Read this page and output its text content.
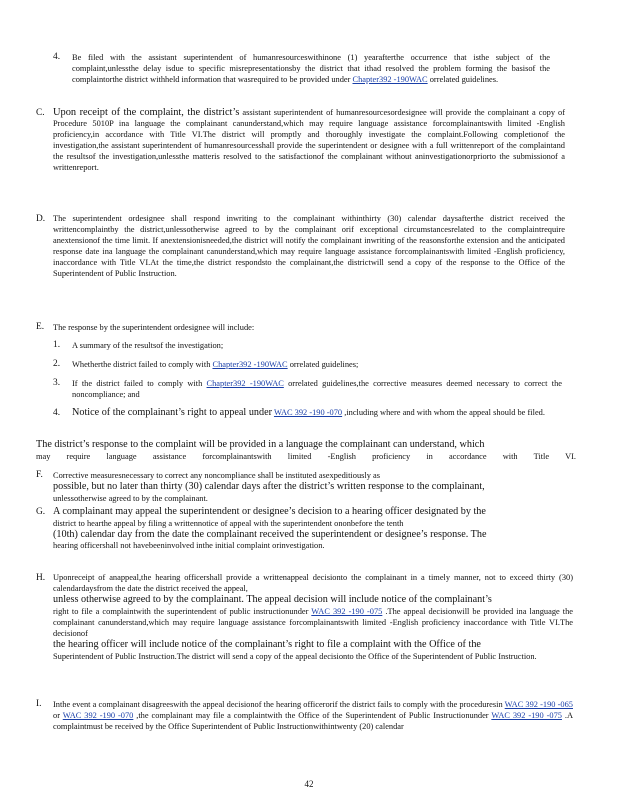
4. Be filed with the assistant superintendent of humanresourceswithinone (1) yearafterthe occurrence that isthe subject of the complaint,unlessthe delay isdue to specific misrepresentationsby the district that ithad resolved the problem forming the basisof the complaintorthe district withheld information that wasrequired to be provided under Chapter392 -190WAC orrelated guidelines.
C. Upon receipt of the complaint, the district’s assistant superintendent of humanresourcesordesignee will provide the complainant a copy of Procedure 5010P ina language the complainant canunderstand,which may require language assistance forcomplainantswith limited -English proficiency,in accordance with Title VI.The district will promptly and thoroughly investigate the complaint.Following completionof the investigation,the assistant superintendent of humanresourcesshall provide the superintendent or designee with a full writtenreport of the complaintand the resultsof the investigation,unlessthe matteris resolved to the satisfactionof the complainant without aninvestigationorpriorto the submissionof a writtenreport.
D. The superintendent ordesignee shall respond inwriting to the complainant withinthirty (30) calendar daysafterthe district received the writtencomplaintby the district,unlessotherwise agreed to by the complainant orif exceptional circumstancesrelated to the complaintrequire anextensionof the time limit. If anextensionisneeded,the district will notify the complainant inwriting of the reasonsforthe extension and the anticipated response date ina language the complainant canunderstand,which may require language assistance forcomplainantswith limited -English proficiency, inaccordance with Title VI.At the time,the district respondsto the complainant,the districtwill send a copy of the response to the Office of the Superintendent of Public Instruction.
E. The response by the superintendent ordesignee will include:
1. A summary of the resultsof the investigation;
2. Whetherthe district failed to comply with Chapter392 -190WAC orrelated guidelines;
3. If the district failed to comply with Chapter392 -190WAC orrelated guidelines,the corrective measures deemed necessary to correct the noncompliance; and
4. Notice of the complainant’s right to appeal under WAC 392 -190 -070 ,including where and with whom the appeal should be filed.
The district’s response to the complaint will be provided in a language the complainant can understand, which
may require language assistance forcomplainantswith limited -English proficiency in accordance with Title VI.
F. Corrective measuresnecessary to correct any noncompliance shall be instituted asexpeditiously as
possible, but no later than thirty (30) calendar days after the district’s written response to the complainant,
unlessotherwise agreed to by the complainant.
G. A complainant may appeal the superintendent or designee’s decision to a hearing officer designated by the
district to hearthe appeal by filing a writtennotice of appeal with the superintendent ononbefore the tenth
(10th) calendar day from the date the complainant received the superintendent or designee’s response. The
hearing officershall not havebeeninvolved inthe initial complaint orinvestigation.
H. Uponreceipt of anappeal,the hearing officershall provide a writtenappeal decisionto the complainant in a timely manner, not to exceed thirty (30) calendardaysfrom the date the district received the appeal,
unless otherwise agreed to by the complainant. The appeal decision will include notice of the complainant’s
right to file a complaintwith the superintendent of public instructionunder WAC 392 -190 -075 .The appeal decisionwill be provided ina language the complainant canunderstand,which may require language assistance forcomplainantswith limited -English proficiency inaccordance with Title VI.The decisionof
the hearing officer will include notice of the complainant’s right to file a complaint with the Office of the
Superintendent of Public Instruction.The district will send a copy of the appeal decisionto the Office of the Superintendent of Public Instruction.
I. Inthe event a complainant disagreeswith the appeal decisionof the hearing officerorif the district fails to comply with the proceduresin WAC 392 -190 -065 or WAC 392 -190 -070 ,the complainant may file a complaintwith the Office of the Superintendent of Public Instructionunder WAC 392 -190 -075 .A complaintmust be received by the Office Superintendent of Public Instructionwithintwenty (20) calendar
42
